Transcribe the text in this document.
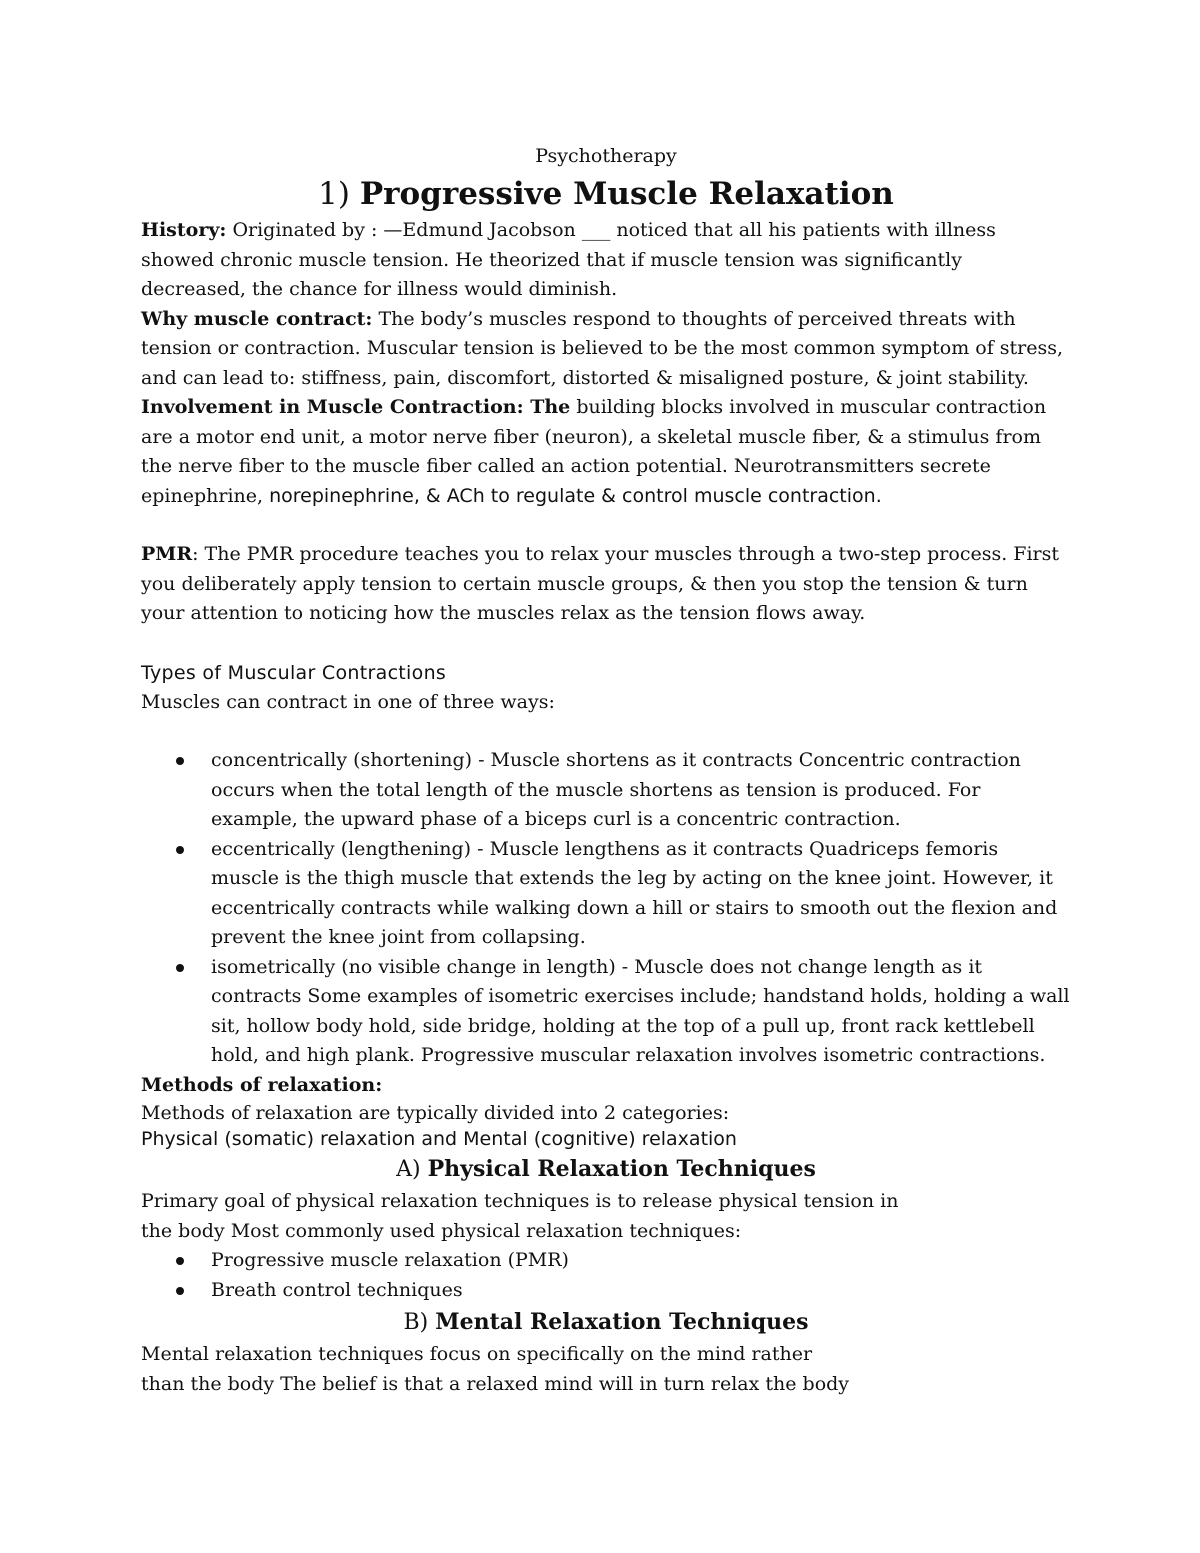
Psychotherapy

1) Progressive Muscle Relaxation

History: Originated by : —Edmund Jacobson ___ noticed that all his patients with illness showed chronic muscle tension. He theorized that if muscle tension was significantly decreased, the chance for illness would diminish.

Why muscle contract: The body’s muscles respond to thoughts of perceived threats with tension or contraction. Muscular tension is believed to be the most common symptom of stress, and can lead to: stiffness, pain, discomfort, distorted & misaligned posture, & joint stability.

Involvement in Muscle Contraction: The building blocks involved in muscular contraction are a motor end unit, a motor nerve fiber (neuron), a skeletal muscle fiber, & a stimulus from the nerve fiber to the muscle fiber called an action potential. Neurotransmitters secrete epinephrine, norepinephrine, & ACh to regulate & control muscle contraction.

PMR: The PMR procedure teaches you to relax your muscles through a two-step process. First you deliberately apply tension to certain muscle groups, & then you stop the tension & turn your attention to noticing how the muscles relax as the tension flows away.

Types of Muscular Contractions

Muscles can contract in one of three ways:

concentrically (shortening) - Muscle shortens as it contracts Concentric contraction occurs when the total length of the muscle shortens as tension is produced. For example, the upward phase of a biceps curl is a concentric contraction.
eccentrically (lengthening) - Muscle lengthens as it contracts Quadriceps femoris muscle is the thigh muscle that extends the leg by acting on the knee joint. However, it eccentrically contracts while walking down a hill or stairs to smooth out the flexion and prevent the knee joint from collapsing.
isometrically (no visible change in length) - Muscle does not change length as it contracts Some examples of isometric exercises include; handstand holds, holding a wall sit, hollow body hold, side bridge, holding at the top of a pull up, front rack kettlebell hold, and high plank. Progressive muscular relaxation involves isometric contractions.

Methods of relaxation:

Methods of relaxation are typically divided into 2 categories:

Physical (somatic) relaxation and Mental (cognitive) relaxation

A) Physical Relaxation Techniques

Primary goal of physical relaxation techniques is to release physical tension in the body Most commonly used physical relaxation techniques:

Progressive muscle relaxation (PMR)
Breath control techniques
B) Mental Relaxation Techniques

Mental relaxation techniques focus on specifically on the mind rather than the body The belief is that a relaxed mind will in turn relax the body
